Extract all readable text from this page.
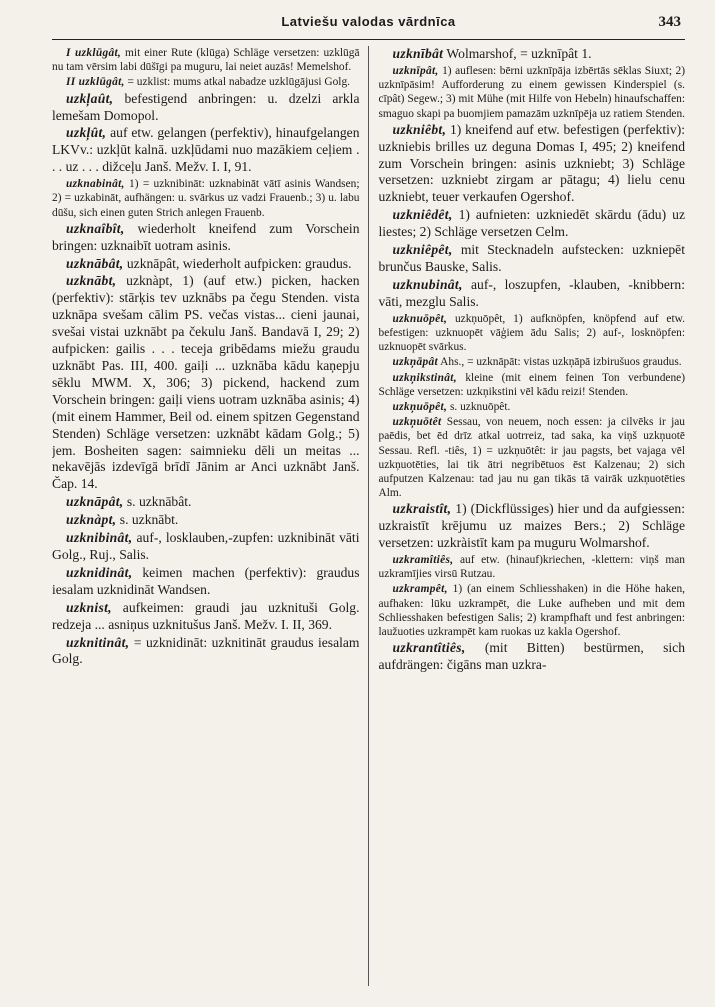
Latviešu valodas vārdnīca	343

I uzklūgât, mit einer Rute (klūga) Schläge versetzen: uzklūgā nu tam vērsim labi dūšīgi pa muguru, lai neiet auzās! Memelshof.

II uzklūgât, = uzklist: mums atkal nabadze uzklūgājusi Golg.

uzkļaût, befestigend anbringen: u. dzelzi arkla lemešam Domopol.

uzkļût, auf etw. gelangen (perfektiv), hinaufgelangen LKVv.: uzkļūt kalnā. uzkļūdami nuo mazākiem ceļiem . . . uz . . . dižceļu Janš. Mežv. I. I, 91.

uzknabinât, 1) = uzknibināt: uzknabināt vātī asinis Wandsen; 2) = uzkabināt, aufhängen: u. svārkus uz vadzi Frauenb.; 3) u. labu dūšu, sich einen guten Strich anlegen Frauenb.

uzknaîbît, wiederholt kneifend zum Vorschein bringen: uzknaibīt uotram asinis.

uzknābât, uzknāpât, wiederholt aufpicken: graudus.

uzknābt, uzknàpt, 1) (auf etw.) picken, hacken (perfektiv): stārķis tev uzknābs pa čegu Stenden. vista uzknāpa svešam cālim PS. večas vistas... cieni jaunai, svešai vistai uzknābt pa čekulu Janš. Bandavā I, 29; 2) aufpicken: gailis . . . teceja gribēdams miežu graudu uzknābt Pas. III, 400. gaiļi ... uzknāba kādu kaņepju sēklu MWM. X, 306; 3) pickend, hackend zum Vorschein bringen: gaiļi viens uotram uzknāba asinis; 4) (mit einem Hammer, Beil od. einem spitzen Gegenstand Stenden) Schläge versetzen: uzknābt kādam Golg.; 5) jem. Bosheiten sagen: saimnieku dēli un meitas ... nekavējās izdevīgā brīdī Jānim ar Anci uzknābt Janš. Čap. 14.

uzknāpât, s. uzknābât.

uzknàpt, s. uzknābt.

uzknibinât, auf-, losklauben,-zupfen: uzknibināt vāti Golg., Ruj., Salis.

uzknidinât, keimen machen (perfektiv): graudus iesalam uzknidināt Wandsen.

uzknist, aufkeimen: graudi jau uzknituši Golg. redzeja ... asniņus uzknitušus Janš. Mežv. I. II, 369.

uzknitinât, = uzknidināt: uzknitināt graudus iesalam Golg.

uzknībât Wolmarshof, = uzknīpât 1.

uzknīpât, 1) auflesen: bērni uzknīpāja izbērtās sēklas Siuxt; 2) uzknīpāsim! Aufforderung zu einem gewissen Kinderspiel (s. cīpât) Segew.; 3) mit Mühe (mit Hilfe von Hebeln) hinaufschaffen: smaguo skapi pa buomjiem pamazām uzknīpēja uz ratiem Stenden.

uzkniêbt, 1) kneifend auf etw. befestigen (perfektiv): uzkniebis brilles uz deguna Domas I, 495; 2) kneifend zum Vorschein bringen: asinis uzkniebt; 3) Schläge versetzen: uzkniebt zirgam ar pātagu; 4) lielu cenu uzkniebt, teuer verkaufen Ogershof.

uzkniêdêt, 1) aufnieten: uzkniedēt skārdu (ādu) uz liestes; 2) Schläge versetzen Celm.

uzkniêpêt, mit Stecknadeln aufstecken: uzkniepēt brunčus Bauske, Salis.

uzknubinât, auf-, loszupfen, -klauben, -knibbern: vāti, mezglu Salis.

uzknuōpêt, uzkņuōpêt, 1) aufknöpfen, knöpfend auf etw. befestigen: uzknuopēt vāģiem ādu Salis; 2) auf-, losknöpfen: uzknuopēt svārkus.

uzkņāpât Ahs., = uzknāpāt: vistas uzkņāpā izbirušuos graudus.

uzkņikstinât, kleine (mit einem feinen Ton verbundene) Schläge versetzen: uzkņikstini vēl kādu reizi! Stenden.

uzkņuōpêt, s. uzknuōpêt.

uzkņuōtêt Sessau, von neuem, noch essen: ja cilvēks ir jau paēdis, bet ēd drīz atkal uotrreiz, tad saka, ka viņš uzkņuotē Sessau. Refl. -tiês, 1) = uzkņuōtêt: ir jau pagsts, bet vajaga vēl uzkņuotēties, lai tik ātri negribētuos ēst Kalzenau; 2) sich aufputzen Kalzenau: tad jau nu gan tikās tā vairāk uzkņuotēties Alm.

uzkraistît, 1) (Dickflüssiges) hier und da aufgiessen: uzkraistīt krējumu uz maizes Bers.; 2) Schläge versetzen: uzkràistīt kam pa muguru Wolmarshof.

uzkramîtiês, auf etw. (hinauf)kriechen, -klettern: viņš man uzkramījies virsū Rutzau.

uzkrampêt, 1) (an einem Schliesshaken) in die Höhe haken, aufhaken: lūku uzkrampēt, die Luke aufheben und mit dem Schliesshaken befestigen Salis; 2) krampfhaft und fest anbringen: laužuoties uzkrampēt kam ruokas uz kakla Ogershof.

uzkrantîtiês, (mit Bitten) bestürmen, sich aufdrängen: čigāns man uzkra-
